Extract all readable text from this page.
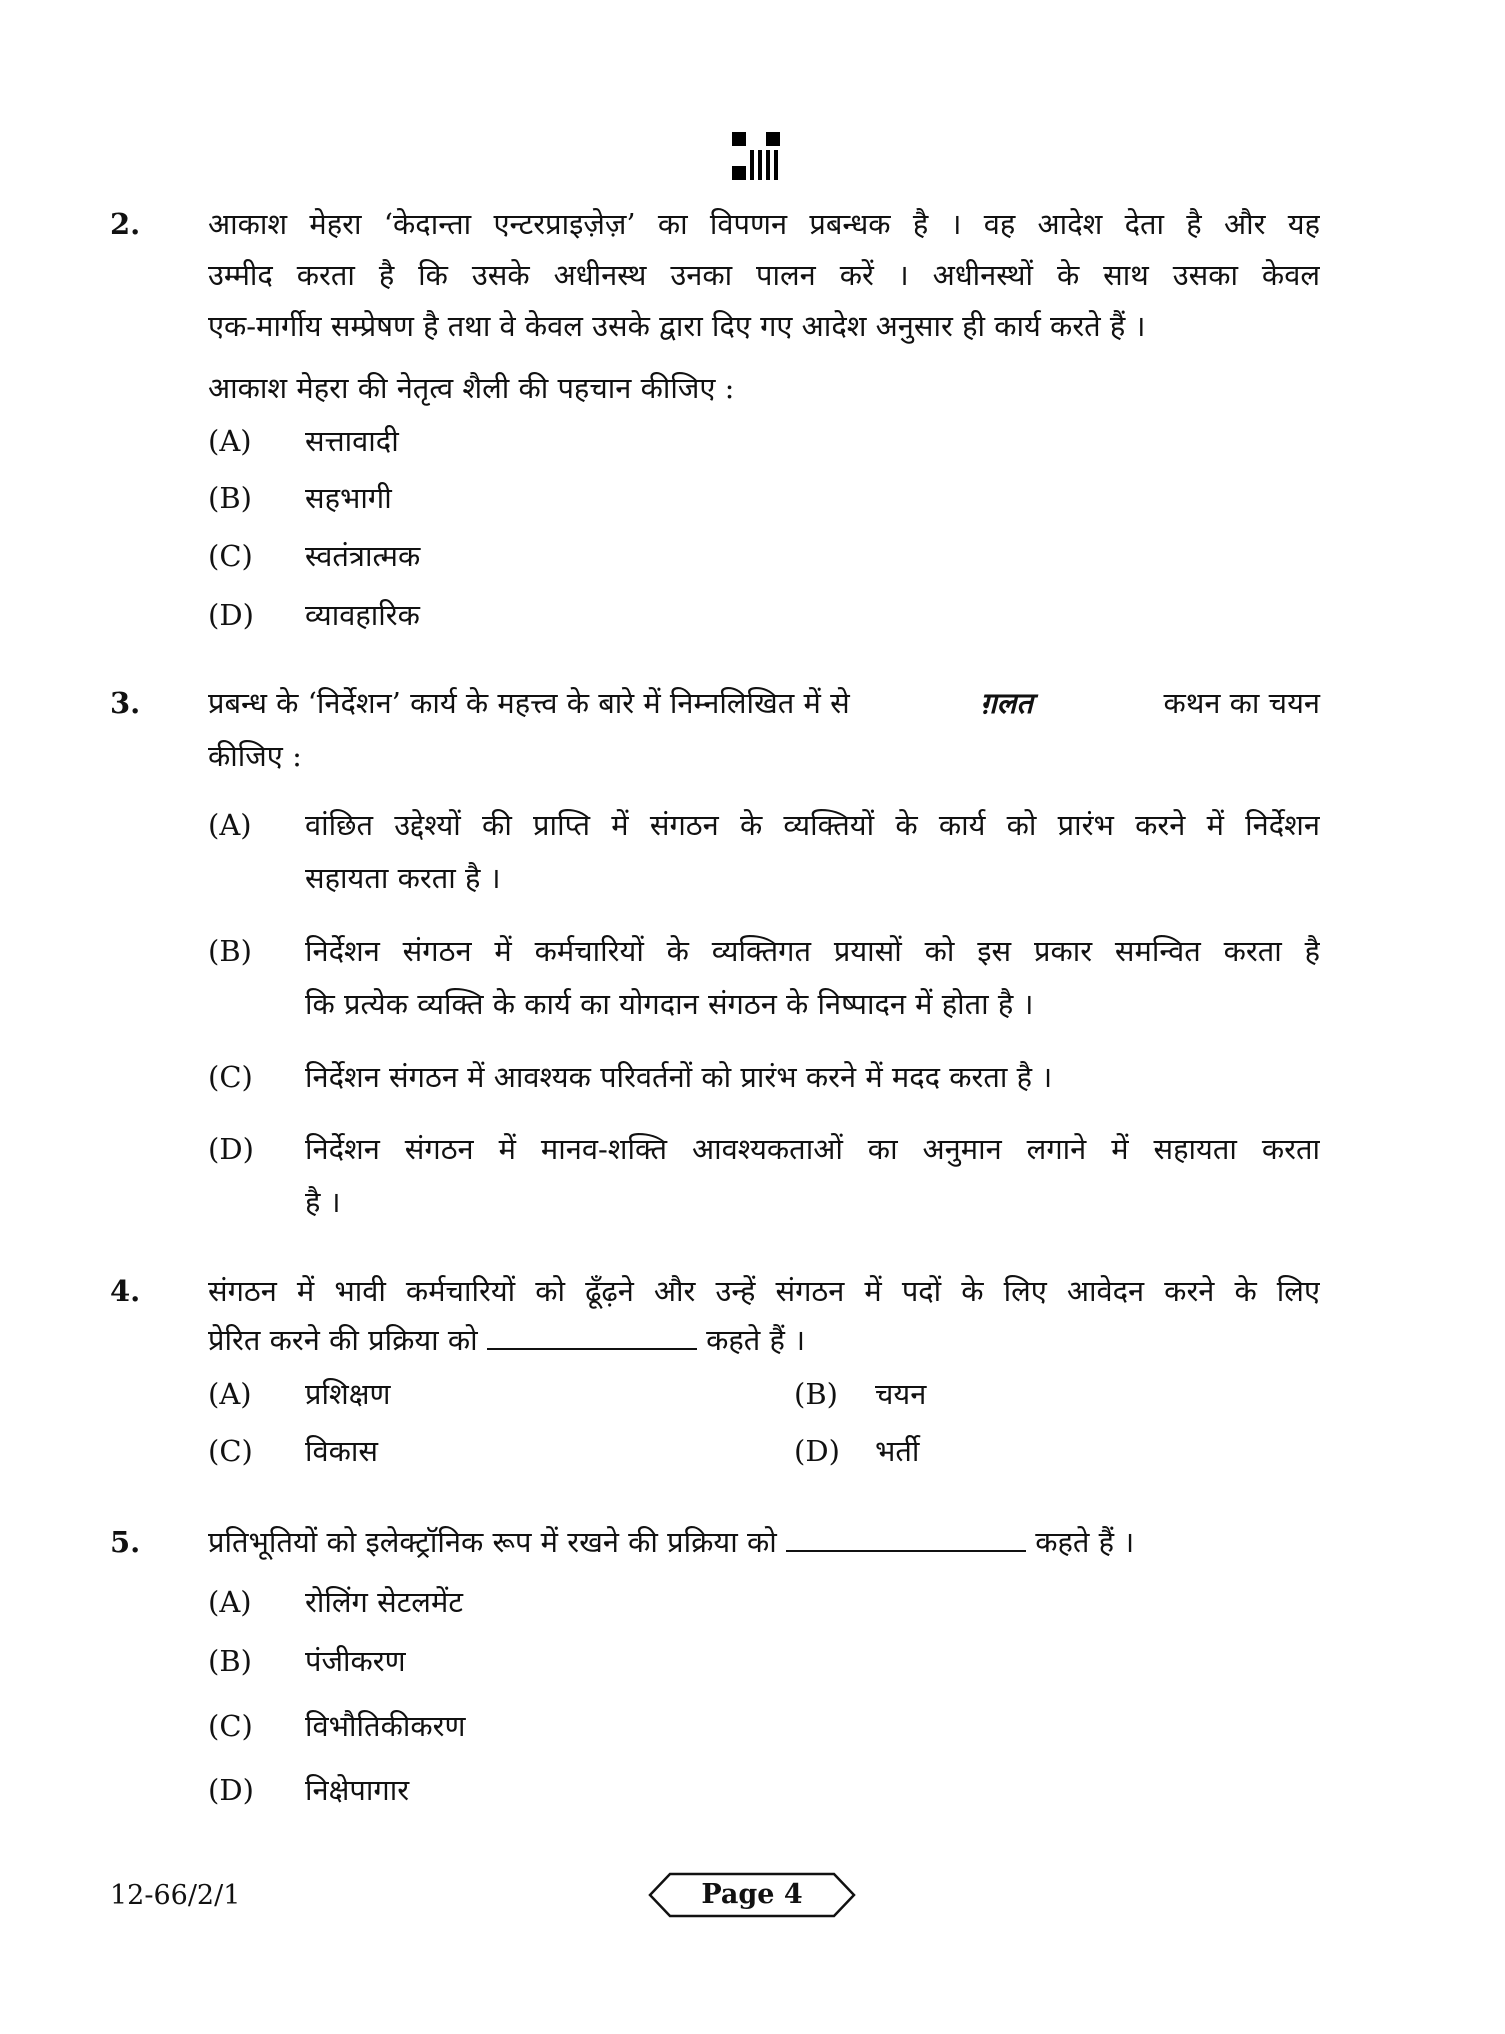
2. आकाश मेहरा ‘केदान्ता एन्टरप्राइज़ेज़’ का विपणन प्रबन्धक है । वह आदेश देता है और यह
उम्मीद करता है कि उसके अधीनस्थ उनका पालन करें । अधीनस्थों के साथ उसका केवल
एक-मार्गीय सम्प्रेषण है तथा वे केवल उसके द्वारा दिए गए आदेश अनुसार ही कार्य करते हैं ।
आकाश मेहरा की नेतृत्व शैली की पहचान कीजिए :
(A) सत्तावादी
(B) सहभागी
(C) स्वतंत्रात्मक
(D) व्यावहारिक
3. प्रबन्ध के ‘निर्देशन’ कार्य के महत्त्व के बारे में निम्नलिखित में से	ग़लत	कथन का चयन
कीजिए :
(A) वांछित उद्देश्यों की प्राप्ति में संगठन के व्यक्तियों के कार्य को प्रारंभ करने में निर्देशन
सहायता करता है ।
(B) निर्देशन संगठन में कर्मचारियों के व्यक्तिगत प्रयासों को इस प्रकार समन्वित करता है
कि प्रत्येक व्यक्ति के कार्य का योगदान संगठन के निष्पादन में होता है ।
(C) निर्देशन संगठन में आवश्यक परिवर्तनों को प्रारंभ करने में मदद करता है ।
(D) निर्देशन संगठन में मानव-शक्ति आवश्यकताओं का अनुमान लगाने में सहायता करता
है ।
4. संगठन में भावी कर्मचारियों को ढूँढ़ने और उन्हें संगठन में पदों के लिए आवेदन करने के लिए
प्रेरित करने की प्रक्रिया को	कहते हैं ।
(A) प्रशिक्षण	(B) चयन
(C) विकास	(D) भर्ती
5. प्रतिभूतियों को इलेक्ट्रॉनिक रूप में रखने की प्रक्रिया को	कहते हैं ।
(A) रोलिंग सेटलमेंट
(B) पंजीकरण
(C) विभौतिकीकरण
(D) निक्षेपागार
12-66/2/1	Page 4
